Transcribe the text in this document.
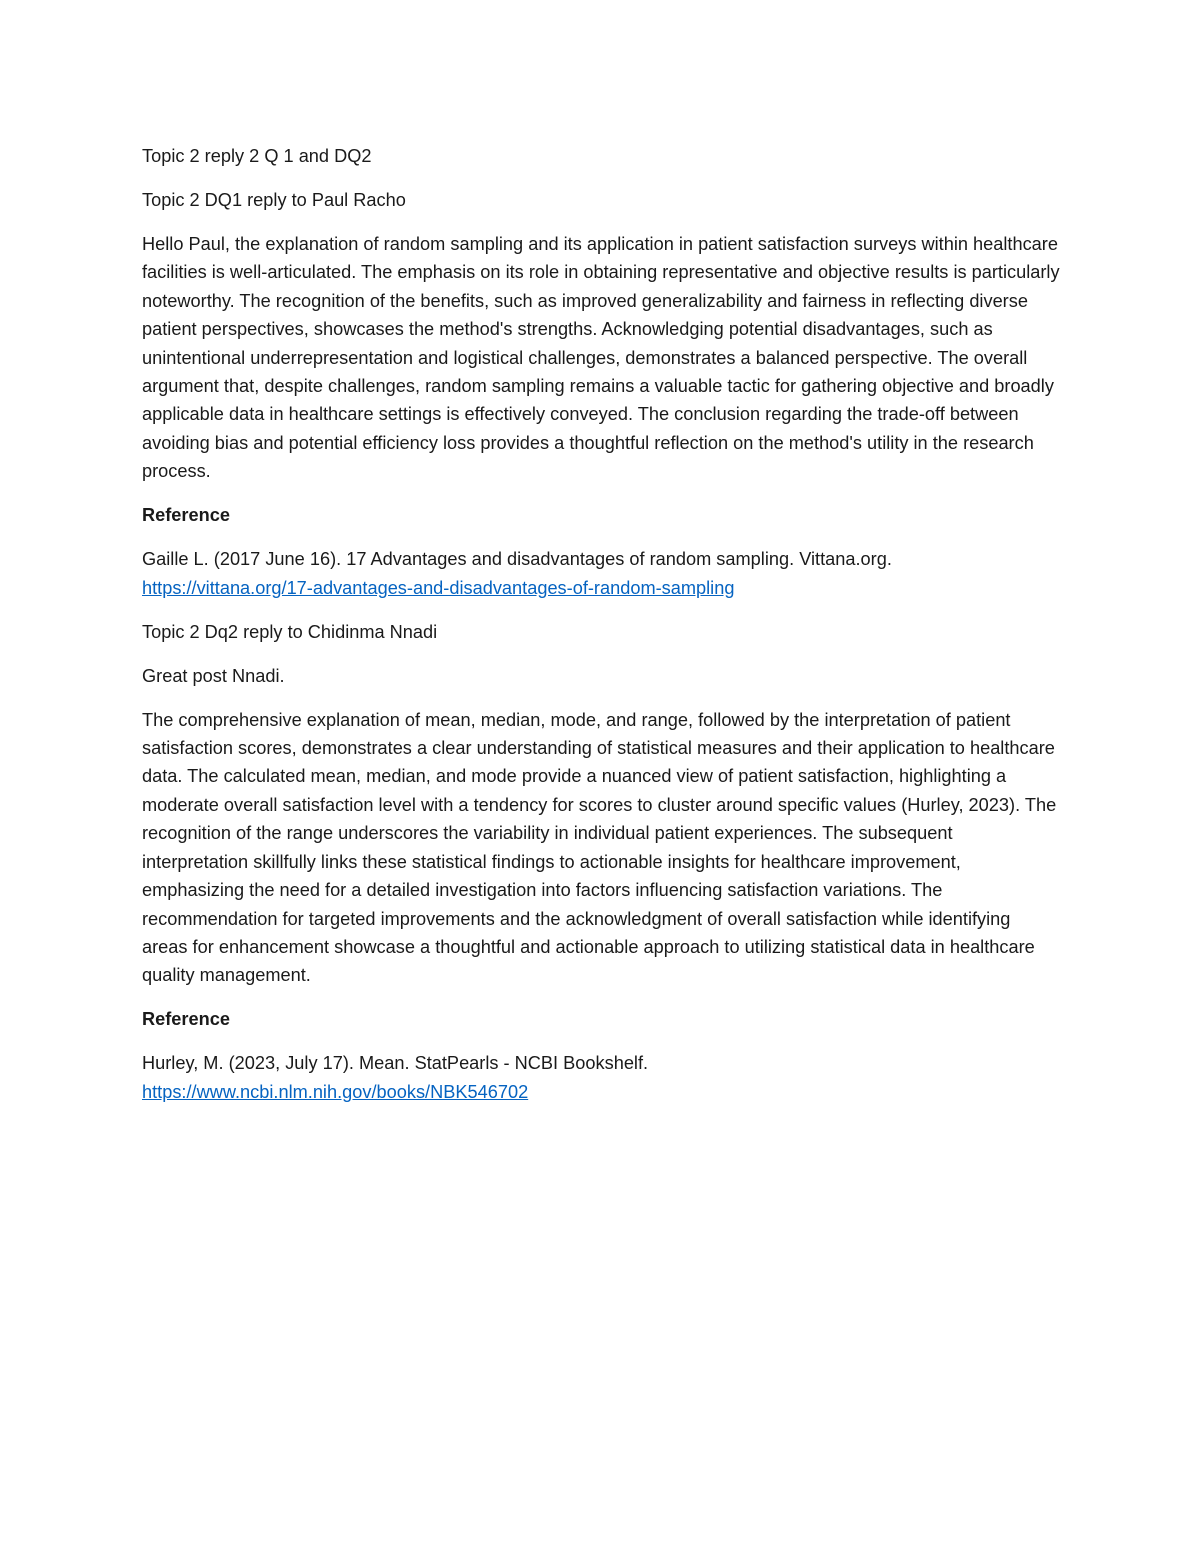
Topic 2 reply 2 Q 1 and DQ2

Topic 2 DQ1 reply to Paul Racho

Hello Paul, the explanation of random sampling and its application in patient satisfaction surveys within healthcare facilities is well-articulated. The emphasis on its role in obtaining representative and objective results is particularly noteworthy. The recognition of the benefits, such as improved generalizability and fairness in reflecting diverse patient perspectives, showcases the method's strengths. Acknowledging potential disadvantages, such as unintentional underrepresentation and logistical challenges, demonstrates a balanced perspective. The overall argument that, despite challenges, random sampling remains a valuable tactic for gathering objective and broadly applicable data in healthcare settings is effectively conveyed. The conclusion regarding the trade-off between avoiding bias and potential efficiency loss provides a thoughtful reflection on the method's utility in the research process.

Reference

Gaille L. (2017 June 16). 17 Advantages and disadvantages of random sampling. Vittana.org.
https://vittana.org/17-advantages-and-disadvantages-of-random-sampling

Topic 2 Dq2 reply to Chidinma Nnadi

Great post Nnadi.

The comprehensive explanation of mean, median, mode, and range, followed by the interpretation of patient satisfaction scores, demonstrates a clear understanding of statistical measures and their application to healthcare data. The calculated mean, median, and mode provide a nuanced view of patient satisfaction, highlighting a moderate overall satisfaction level with a tendency for scores to cluster around specific values (Hurley, 2023). The recognition of the range underscores the variability in individual patient experiences. The subsequent interpretation skillfully links these statistical findings to actionable insights for healthcare improvement, emphasizing the need for a detailed investigation into factors influencing satisfaction variations. The recommendation for targeted improvements and the acknowledgment of overall satisfaction while identifying areas for enhancement showcase a thoughtful and actionable approach to utilizing statistical data in healthcare quality management.

Reference

Hurley, M. (2023, July 17). Mean. StatPearls - NCBI Bookshelf.
https://www.ncbi.nlm.nih.gov/books/NBK546702
